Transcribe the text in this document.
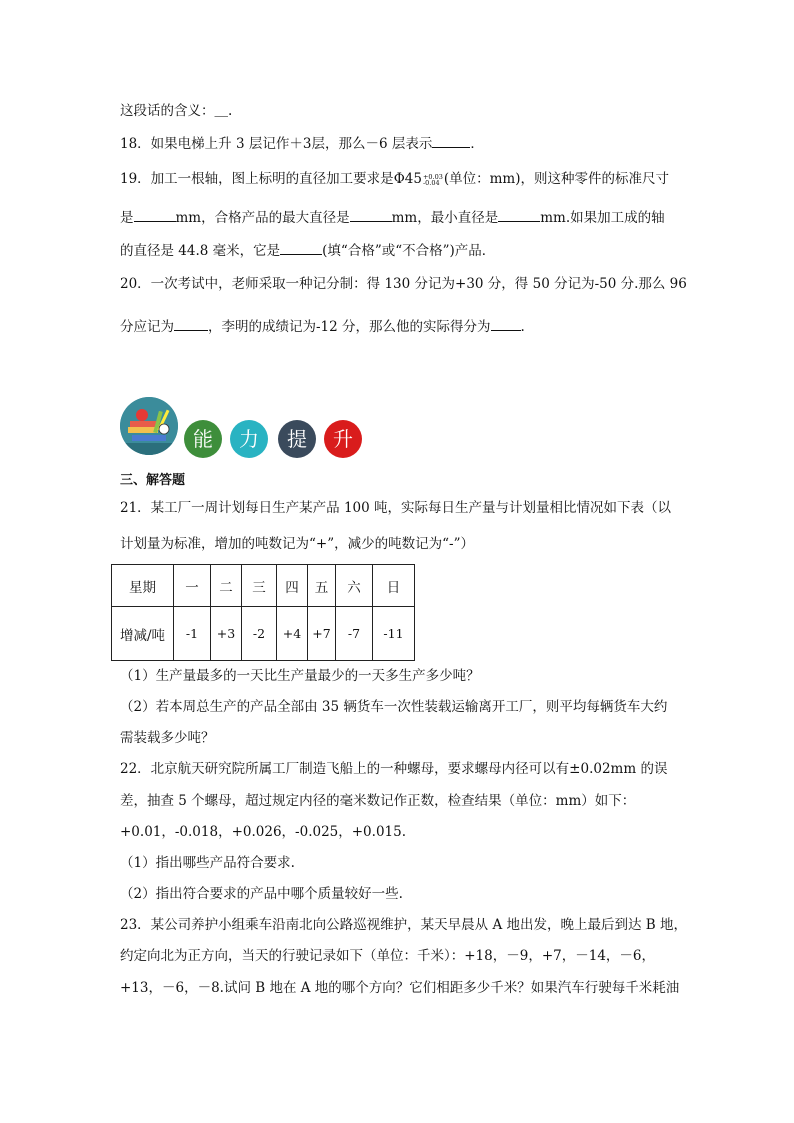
这段话的含义：＿.
18．如果电梯上升 3 层记作＋3层，那么－6 层表示	．
19．加工一根轴，图上标明的直径加工要求是Φ45 +0.03
-0.04 (单位：mm)，则这种零件的标准尺寸
是	mm，合格产品的最大直径是	mm，最小直径是	mm.如果加工成的轴
的直径是 44.8 毫米，它是	(填“合格”或“不合格”)产品．
20．一次考试中，老师采取一种记分制：得 130 分记为+30 分，得 50 分记为-50 分.那么 96
分应记为	，李明的成绩记为-12 分，那么他的实际得分为 .
能	力	提	升
三、解答题
21．某工厂一周计划每日生产某产品 100 吨，实际每日生产量与计划量相比情况如下表（以
计划量为标准，增加的吨数记为“+”，减少的吨数记为“-”）
星期	一	二	三	四	五	六	日
增减/吨	-1	+3	-2	+4	+7	-7	-11
（1）生产量最多的一天比生产量最少的一天多生产多少吨？
（2）若本周总生产的产品全部由 35 辆货车一次性装载运输离开工厂，则平均每辆货车大约
需装载多少吨？
22．北京航天研究院所属工厂制造飞船上的一种螺母，要求螺母内径可以有±0.02mm 的误
差，抽查 5 个螺母，超过规定内径的毫米数记作正数，检查结果（单位：mm）如下：
+0.01，-0.018，+0.026，-0.025，+0.015.
（1）指出哪些产品符合要求.
（2）指出符合要求的产品中哪个质量较好一些.
23．某公司养护小组乘车沿南北向公路巡视维护，某天早晨从 A 地出发，晚上最后到达 B 地，
约定向北为正方向，当天的行驶记录如下（单位：千米）：+18，－9，+7，－14，－6，
+13，－6，－8.试问 B 地在 A 地的哪个方向？它们相距多少千米？如果汽车行驶每千米耗油
